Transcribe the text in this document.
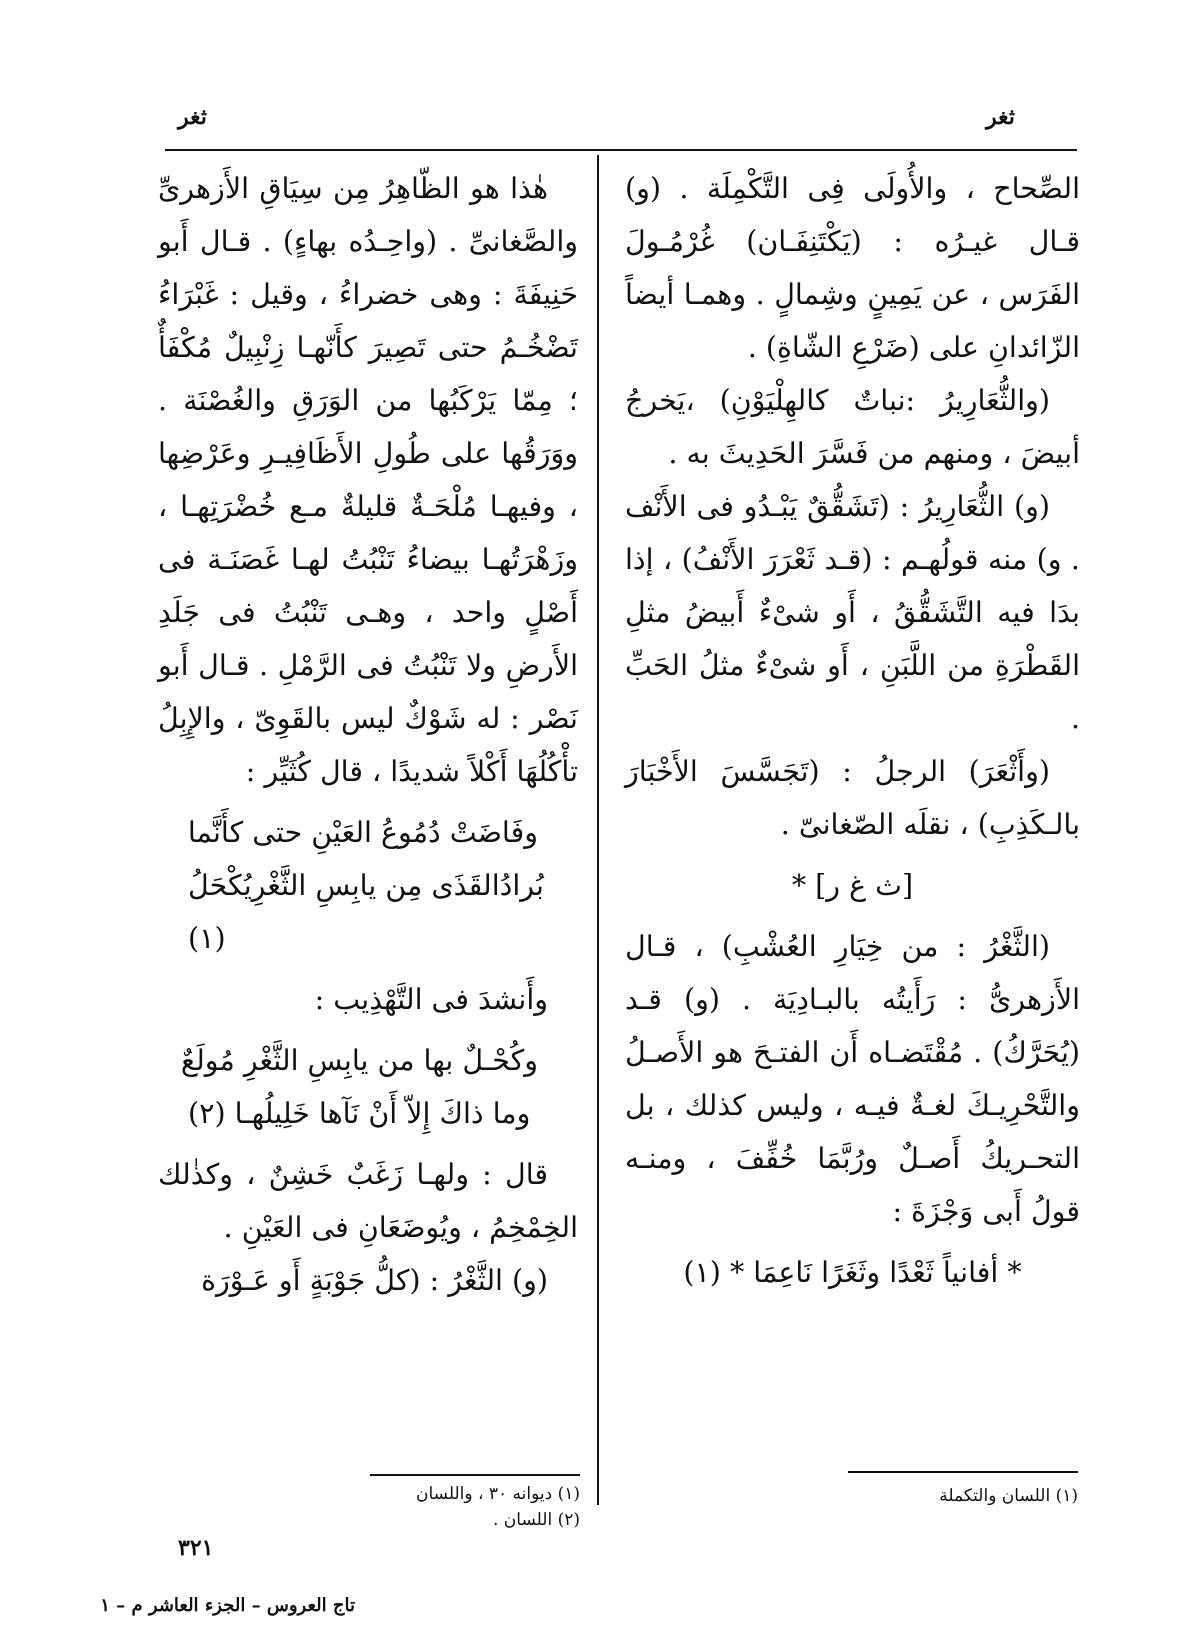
ثغر
ثغر

الصِّحاح ، والأُولَى فِى التَّكْمِلَة . (و) قـال غيـرُه : (يَكْتَنِفَـان) غُرْمُـولَ الفَرَس ، عن يَمِينٍ وشِمالٍ . وهمـا أيضاً الزّائدانِ على (ضَرْعِ الشّاةِ) .

(والثُّعَارِيرُ :نباتٌ كالهِلْيَوْنِ) ،يَخرجُ أبيضَ ، ومنهم من فَسَّرَ الحَدِيثَ به .

(و) الثُّعَارِيرُ : (تَشَقُّقٌ يَبْـدُو فى الأَنْف . و) منه قولُهـم : (قـد ثَعْرَرَ الأَنْفُ) ، إذا بدَا فيه التَّشَقُّقُ ، أَو شىْءٌ أَبيضُ مثلِ القَطْرَةِ من اللَّبَنِ ، أَو شىْءٌ مثلُ الحَبِّ .

(وأَثْعَرَ) الرجلُ : (تَجَسَّسَ الأَخْبَارَ بالـكَذِبِ) ، نقلَه الصّغانىّ .

[ث غ ر] *

(الثَّغْرُ : من خِيَارِ العُشْبِ) ، قـال الأَزهرىُّ : رَأَيتُه بالبـادِيَة . (و) قـد (يُحَرَّكُ) . مُقْتَضـاه أَن الفتـحَ هو الأَصـلُ والتَّحْرِيـكَ لغـةٌ فيـه ، وليس كذلك ، بل التحـريكُ أَصـلٌ ورُبَّمَا خُفِّفَ ، ومنـه قولُ أَبى وَجْزَةَ :

* أفانياً ثَعْدًا وثَغَرًا نَاعِمَا * (١)

هٰذا هو الظّاهِرُ مِن سِيَاقِ الأَزهرىِّ والصَّغانىِّ . (واحِـدُه بهاءٍ) . قـال أَبو حَنِيفَةَ : وهى خضراءُ ، وقيل : غَبْرَاءُ تَضْخُـمُ حتى تَصِيرَ كأَنّهـا زِنْبِيلٌ مُكْفَأٌ ؛ مِمّا يَرْكَبُها من الوَرَقِ والغُصْنَة . ووَرَقُها على طُولِ الأَظَافِيـرِ وعَرْضِها ، وفيهـا مُلْحَـةٌ قليلةٌ مـع خُضْرَتِهـا ، وزَهْرَتُهـا بيضاءُ تَنْبُتُ لهـا غَصَنَـة فى أَصْلٍ واحد ، وهـى تَنْبُتُ فى جَلَدِ الأَرضِ ولا تَنْبُتُ فى الرَّمْلِ . قـال أَبو نَصْر : له شَوْكٌ ليس بالقَوِىّ ، والإِبِلُ تأْكُلُهَا أَكْلاً شديدًا ، قال كُثَيِّر :

وفَاضَتْ دُمُوعُ العَيْنِ حتى كأَنَّما

بُرادُالقَذَى مِن يابِسِ الثَّغْرِيُكْحَلُ (١)

وأَنشدَ فى التَّهْذِيب :

وكُحْـلٌ بها من يابِسِ الثَّغْرِ مُولَعٌ

وما ذاكَ إِلاّ أَنْ نَآها خَلِيلُهـا (٢)

قال : ولهـا زَغَبٌ خَشِنٌ ، وكذٰلك الخِمْخِمُ ، ويُوضَعَانِ فى العَيْنِ .

(و) الثَّغْرُ : (كلُّ جَوْبَةٍ أَو عَـوْرَة

(١) اللسان والتكملة
(١) ديوانه ٣٠ ، واللسان
(٢) اللسان .
٣٢١
تاج العروس – الجزء العاشر م – ١
